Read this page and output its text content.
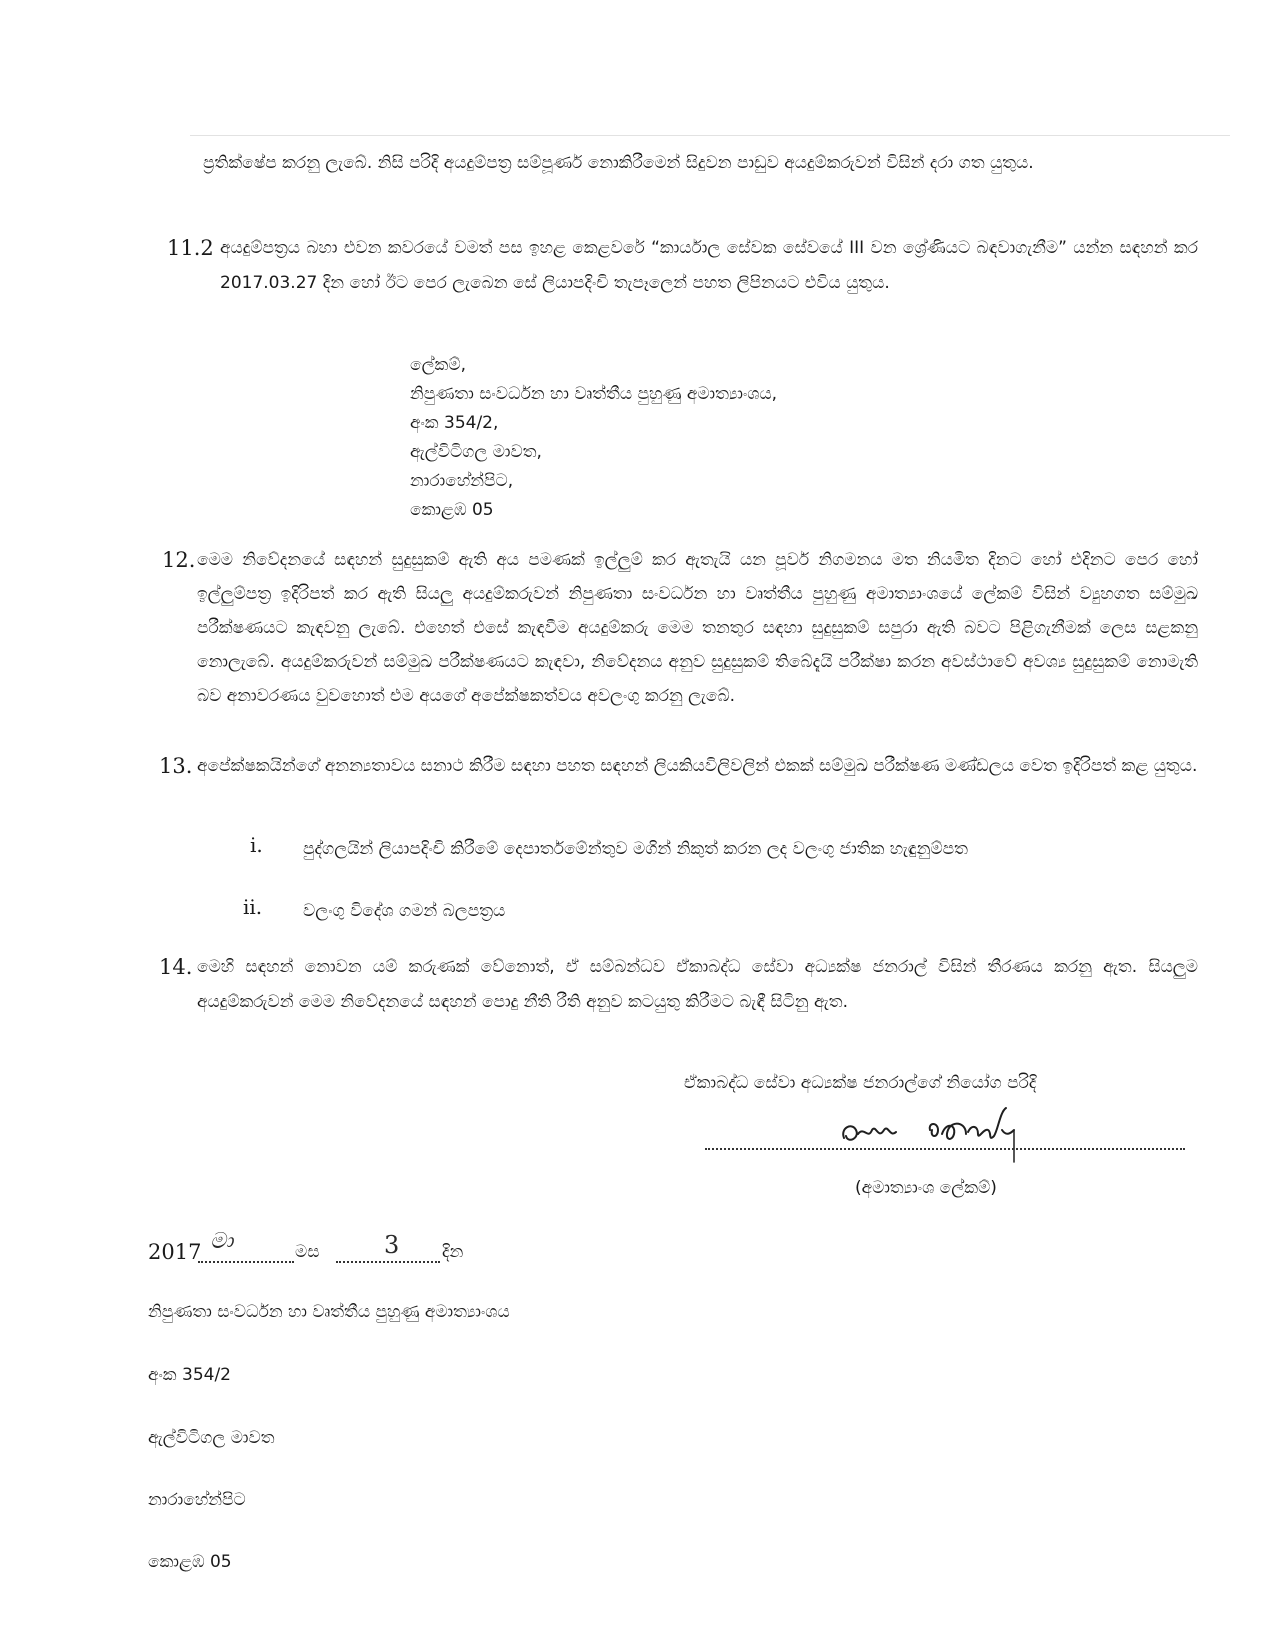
ප්‍රතික්ෂේප කරනු ලැබේ. නිසි පරිදි අයදුම්පත්‍ර සම්පූර්ණ නොකිරීමෙන් සිදුවන පාඩුව අයදුම්කරුවන් විසින් දරා ගත යුතුය.

11.2 අයදුම්පත්‍රය බහා එවන කවරයේ වමත් පස ඉහළ කෙළවරේ “කාර්යාල සේවක සේවයේ III වන ශ්‍රේණියට බඳවාගැනීම” යන්න සඳහන් කර 2017.03.27 දින හෝ ඊට පෙර ලැබෙන සේ ලියාපදිංචි තැපෑලෙන් පහත ලිපිනයට එවිය යුතුය.

ලේකම්,
නිපුණතා සංවර්ධන හා වෘත්තීය පුහුණු අමාත්‍යාංශය,
අංක 354/2,
ඇල්විටිගල මාවත,
නාරාහේන්පිට,
කොළඹ 05
12. මෙම නිවේදනයේ සඳහන් සුදුසුකම් ඇති අය පමණක් ඉල්ලුම් කර ඇතැයි යන පූර්ව නිගමනය මත නියමිත දිනට හෝ එදිනට පෙර හෝ ඉල්ලුම්පත්‍ර ඉදිරිපත් කර ඇති සියලු අයදුම්කරුවන් නිපුණතා සංවර්ධන හා වෘත්තීය පුහුණු අමාත්‍යාංශයේ ලේකම් විසින් ව්‍යුහගත සම්මුඛ පරීක්ෂණයට කැඳවනු ලැබේ. එහෙත් එසේ කැඳවීම අයදුම්කරු මෙම තනතුර සඳහා සුදුසුකම් සපුරා ඇති බවට පිළිගැනීමක් ලෙස සළකනු නොලැබේ. අයදුම්කරුවන් සම්මුඛ පරීක්ෂණයට කැඳවා, නිවේදනය අනුව සුදුසුකම් තිබේදැයි පරීක්ෂා කරන අවස්ථාවේ අවශ්‍ය සුදුසුකම් නොමැති බව අනාවරණය වුවහොත් එම අයගේ අපේක්ෂකත්වය අවලංගු කරනු ලැබේ.

13. අපේක්ෂකයින්ගේ අනන්‍යතාවය සනාථ කිරීම සඳහා පහත සඳහන් ලියකියවිලිවලින් එකක් සම්මුඛ පරීක්ෂණ මණ්ඩලය වෙත ඉදිරිපත් කළ යුතුය.

i. පුද්ගලයින් ලියාපදිංචි කිරීමේ දෙපාර්තමේන්තුව මගින් නිකුත් කරන ලද වලංගු ජාතික හැඳුනුම්පත
ii. වලංගු විදේශ ගමන් බලපත්‍රය
14. මෙහි සඳහන් නොවන යම් කරුණක් වේනොත්, ඒ සම්බන්ධව ඒකාබද්ධ සේවා අධ්‍යක්ෂ ජනරාල් විසින් තීරණය කරනු ඇත. සියලුම අයදුම්කරුවන් මෙම නිවේදනයේ සඳහන් පොදු නීති රීති අනුව කටයුතු කිරීමට බැඳී සිටිනු ඇත.

ඒකාබද්ධ සේවා අධ්‍යක්ෂ ජනරාල්ගේ නියෝග පරිදි
(අමාත්‍යාංශ ලේකම්)
2017 මා	මස	3	දින
නිපුණතා සංවර්ධන හා වෘත්තීය පුහුණු අමාත්‍යාංශය
අංක 354/2
ඇල්විටිගල මාවත
නාරාහේන්පිට
කොළඹ 05
